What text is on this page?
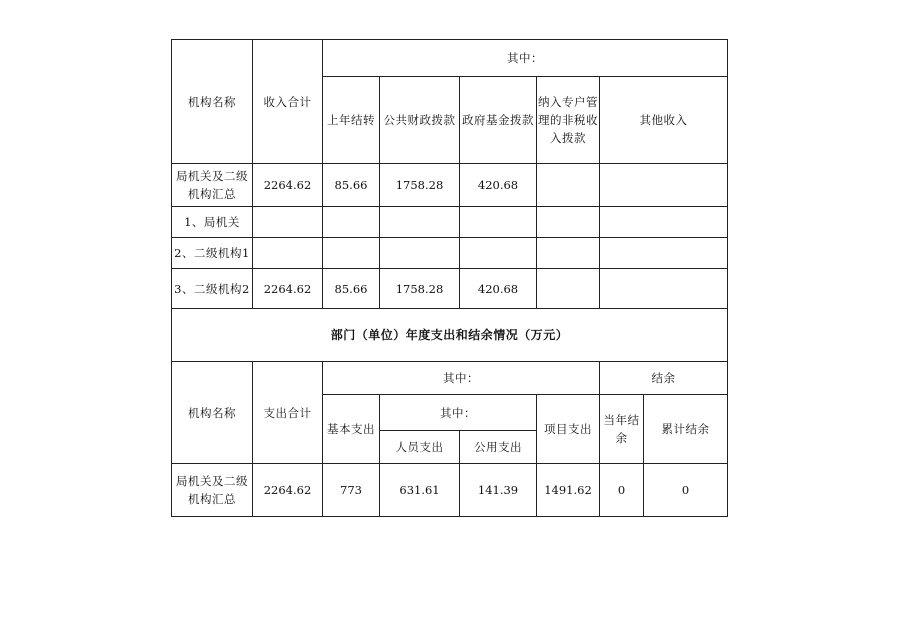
机构名称	收入合计	其中：					
		上年结转	公共财政拨款	政府基金拨款	纳入专户管理的非税收入拨款	其他收入	
局机关及二级机构汇总	2264.62	85.66	1758.28	420.68			
1、局机关							
2、二级机构1							
3、二级机构2	2264.62	85.66	1758.28	420.68			
部门（单位）年度支出和结余情况（万元）							
机构名称	支出合计	其中：				结余	
		基本支出	其中：		项目支出	当年结余	累计结余
			人员支出	公用支出			
局机关及二级机构汇总	2264.62	773	631.61	141.39	1491.62	0	0
